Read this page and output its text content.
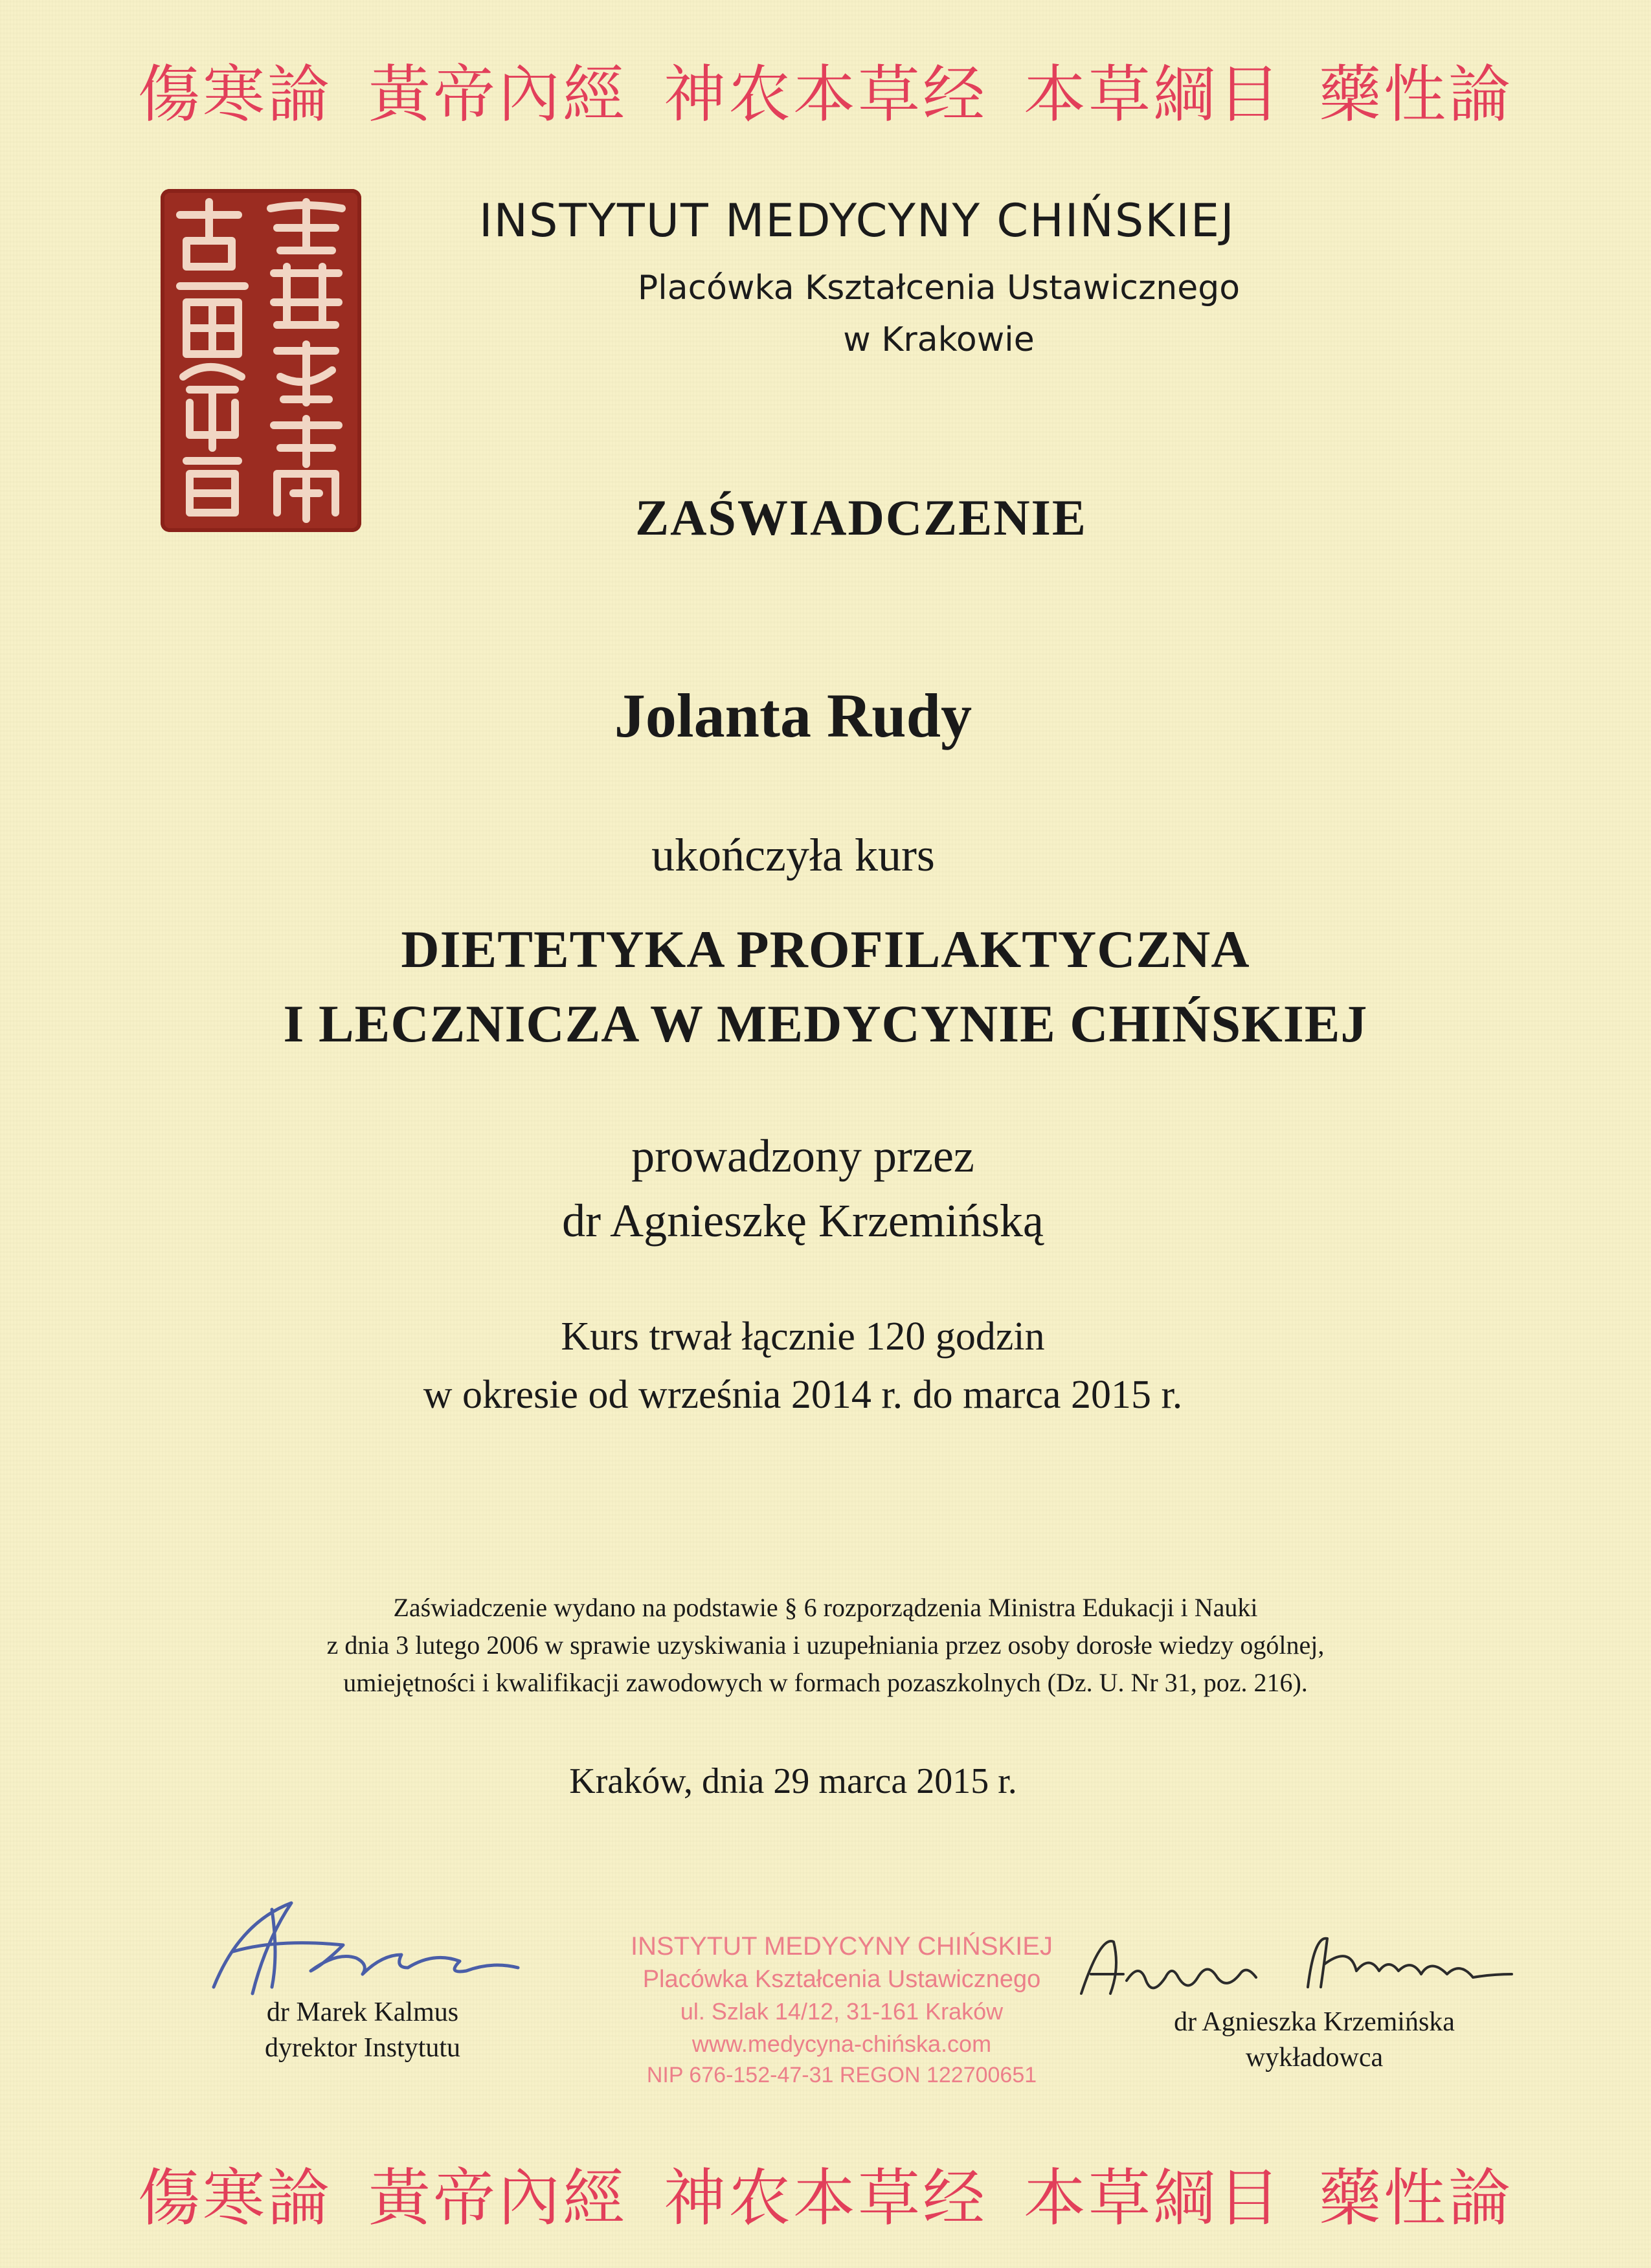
傷寒論 黃帝內經 神农本草经 本草綱目 藥性論
INSTYTUT MEDYCYNY CHIŃSKIEJ
Placówka Kształcenia Ustawicznego
w Krakowie
ZAŚWIADCZENIE
Jolanta Rudy
ukończyła kurs
DIETETYKA PROFILAKTYCZNA
I LECZNICZA W MEDYCYNIE CHIŃSKIEJ
prowadzony przez
dr Agnieszkę Krzemińską
Kurs trwał łącznie 120 godzin
w okresie od września 2014 r. do marca 2015 r.
Zaświadczenie wydano na podstawie § 6 rozporządzenia Ministra Edukacji i Nauki
z dnia 3 lutego 2006 w sprawie uzyskiwania i uzupełniania przez osoby dorosłe wiedzy ogólnej,
umiejętności i kwalifikacji zawodowych w formach pozaszkolnych (Dz. U. Nr 31, poz. 216).
Kraków, dnia 29 marca 2015 r.
dr Marek Kalmus
dyrektor Instytutu
INSTYTUT MEDYCYNY CHIŃSKIEJ
Placówka Kształcenia Ustawicznego
ul. Szlak 14/12, 31-161 Kraków
www.medycyna-chińska.com
NIP 676-152-47-31 REGON 122700651
dr Agnieszka Krzemińska
wykładowca
傷寒論 黃帝內經 神农本草经 本草綱目 藥性論
